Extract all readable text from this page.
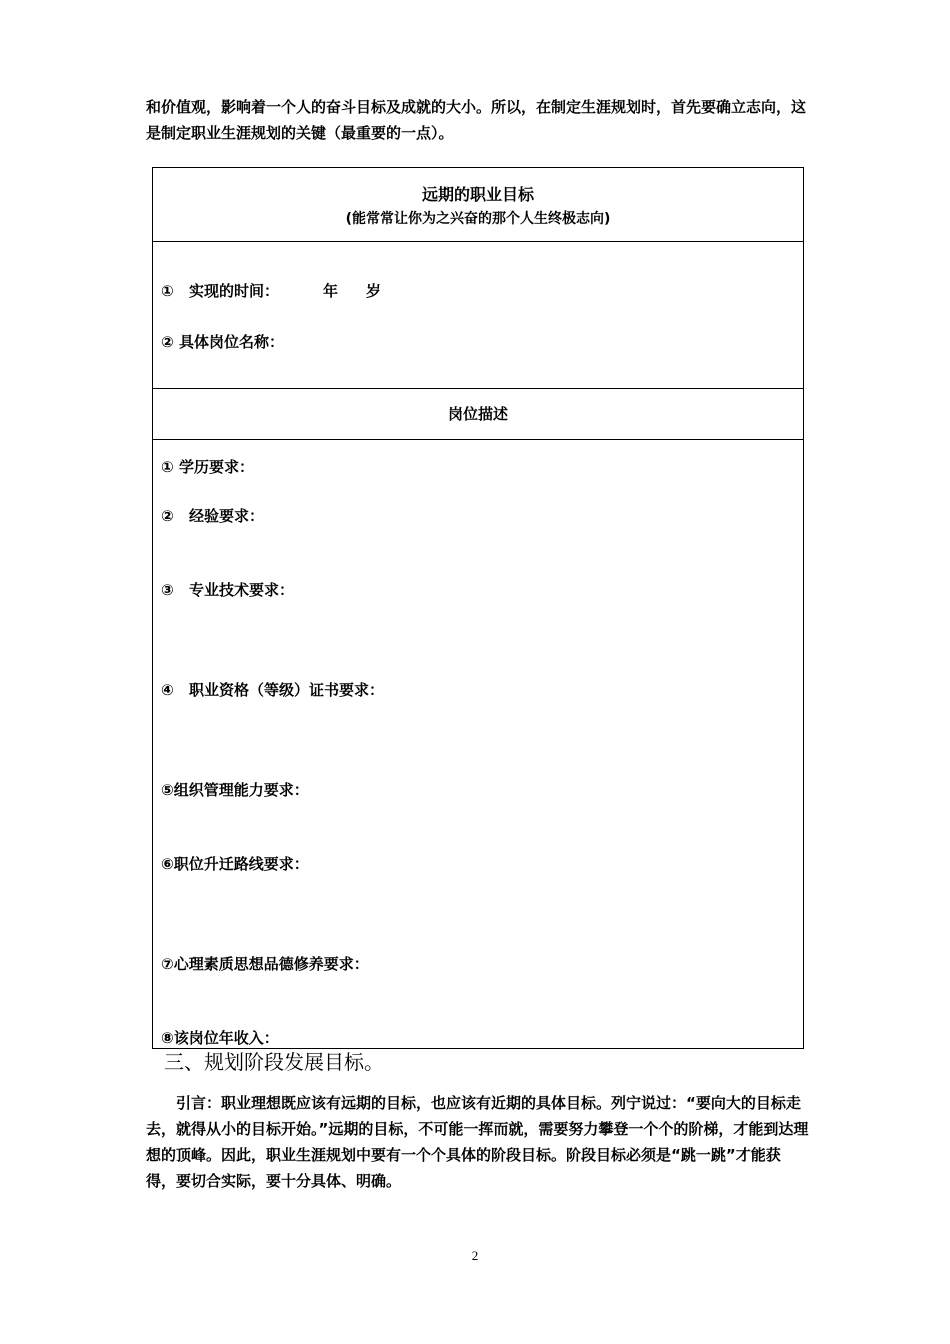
和价值观，影响着一个人的奋斗目标及成就的大小。所以，在制定生涯规划时，首先要确立志向，这是制定职业生涯规划的关键（最重要的一点）。

远期的职业目标
(能常常让你为之兴奋的那个人生终极志向)
① 实现的时间：	年 岁
② 具体岗位名称：
岗位描述
① 学历要求：
② 经验要求：
③ 专业技术要求：
④ 职业资格（等级）证书要求：
⑤组织管理能力要求：
⑥职位升迁路线要求：
⑦心理素质思想品德修养要求：
⑧该岗位年收入：
三、规划阶段发展目标。

引言：职业理想既应该有远期的目标，也应该有近期的具体目标。列宁说过：“要向大的目标走去，就得从小的目标开始。”远期的目标，不可能一挥而就，需要努力攀登一个个的阶梯，才能到达理想的顶峰。因此，职业生涯规划中要有一个个具体的阶段目标。阶段目标必须是“跳一跳”才能获得，要切合实际，要十分具体、明确。

2
